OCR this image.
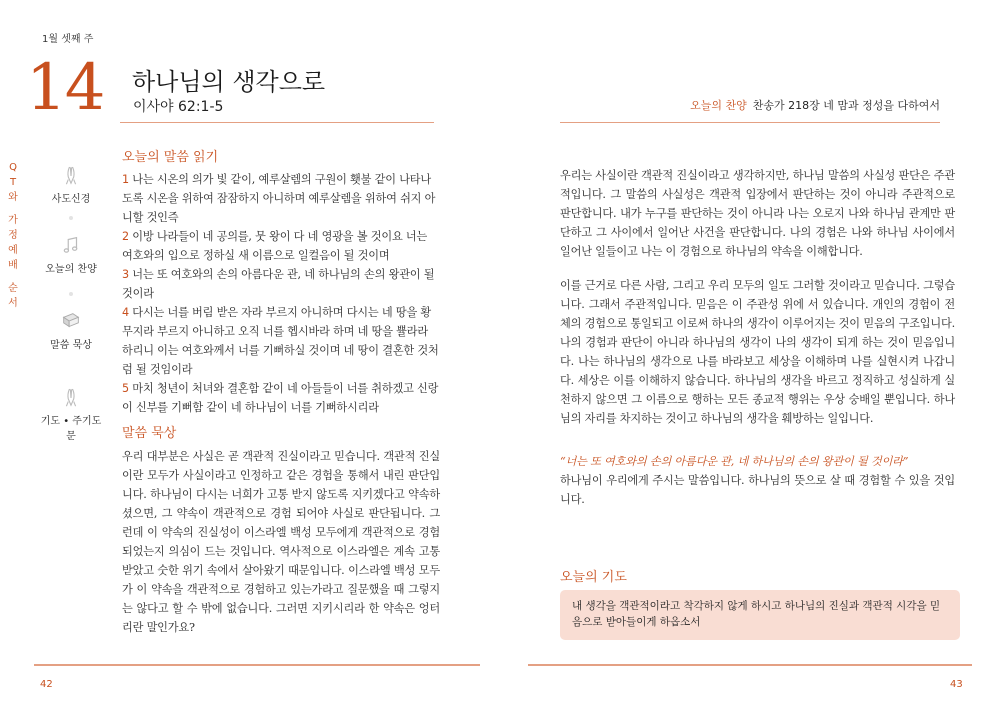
1월 셋째 주
14 하나님의 생각으로
이사야 62:1-5	오늘의 찬양 찬송가 218장 네 맘과 정성을 다하여서
Q
T
와
가
정
예
배
순
서
사도신경
오늘의 찬양
말씀 묵상
기도 • 주기도문
오늘의 말씀 읽기
1 나는 시온의 의가 빛 같이, 예루살렘의 구원이 횃불 같이 나타나도록 시온을 위하여 잠잠하지 아니하며 예루살렘을 위하여 쉬지 아니할 것인즉
2 이방 나라들이 네 공의를, 뭇 왕이 다 네 영광을 볼 것이요 너는 여호와의 입으로 정하실 새 이름으로 일컬음이 될 것이며
3 너는 또 여호와의 손의 아름다운 관, 네 하나님의 손의 왕관이 될 것이라
4 다시는 너를 버림 받은 자라 부르지 아니하며 다시는 네 땅을 황무지라 부르지 아니하고 오직 너를 헵시바라 하며 네 땅을 쁄라라 하리니 이는 여호와께서 너를 기뻐하실 것이며 네 땅이 결혼한 것처럼 될 것임이라
5 마치 청년이 처녀와 결혼함 같이 네 아들들이 너를 취하겠고 신랑이 신부를 기뻐함 같이 네 하나님이 너를 기뻐하시리라
말씀 묵상
우리 대부분은 사실은 곧 객관적 진실이라고 믿습니다. 객관적 진실이란 모두가 사실이라고 인정하고 같은 경험을 통해서 내린 판단입니다. 하나님이 다시는 너희가 고통 받지 않도록 지키겠다고 약속하셨으면, 그 약속이 객관적으로 경험 되어야 사실로 판단됩니다. 그런데 이 약속의 진실성이 이스라엘 백성 모두에게 객관적으로 경험 되었는지 의심이 드는 것입니다. 역사적으로 이스라엘은 계속 고통 받았고 숫한 위기 속에서 살아왔기 때문입니다. 이스라엘 백성 모두가 이 약속을 객관적으로 경험하고 있는가라고 질문했을 때 그렇지는 않다고 할 수 밖에 없습니다. 그러면 지키시리라 한 약속은 엉터리란 말인가요?
우리는 사실이란 객관적 진실이라고 생각하지만, 하나님 말씀의 사실성 판단은 주관적입니다. 그 말씀의 사실성은 객관적 입장에서 판단하는 것이 아니라 주관적으로 판단합니다. 내가 누구를 판단하는 것이 아니라 나는 오로지 나와 하나님 관계만 판단하고 그 사이에서 일어난 사건을 판단합니다. 나의 경험은 나와 하나님 사이에서 일어난 일들이고 나는 이 경험으로 하나님의 약속을 이해합니다.
이를 근거로 다른 사람, 그리고 우리 모두의 일도 그러할 것이라고 믿습니다. 그렇습니다. 그래서 주관적입니다. 믿음은 이 주관성 위에 서 있습니다. 개인의 경험이 전체의 경험으로 통일되고 이로써 하나의 생각이 이루어지는 것이 믿음의 구조입니다. 나의 경험과 판단이 아니라 하나님의 생각이 나의 생각이 되게 하는 것이 믿음입니다. 나는 하나님의 생각으로 나를 바라보고 세상을 이해하며 나를 실현시켜 나갑니다. 세상은 이를 이해하지 않습니다. 하나님의 생각을 바르고 정직하고 성실하게 실천하지 않으면 그 이름으로 행하는 모든 종교적 행위는 우상 숭배일 뿐입니다. 하나님의 자리를 차지하는 것이고 하나님의 생각을 훼방하는 일입니다.
“너는 또 여호와의 손의 아름다운 관, 네 하나님의 손의 왕관이 될 것이라”
하나님이 우리에게 주시는 말씀입니다. 하나님의 뜻으로 살 때 경험할 수 있을 것입니다.
오늘의 기도
내 생각을 객관적이라고 착각하지 않게 하시고 하나님의 진실과 객관적 시각을 믿음으로 받아들이게 하옵소서
42	43
